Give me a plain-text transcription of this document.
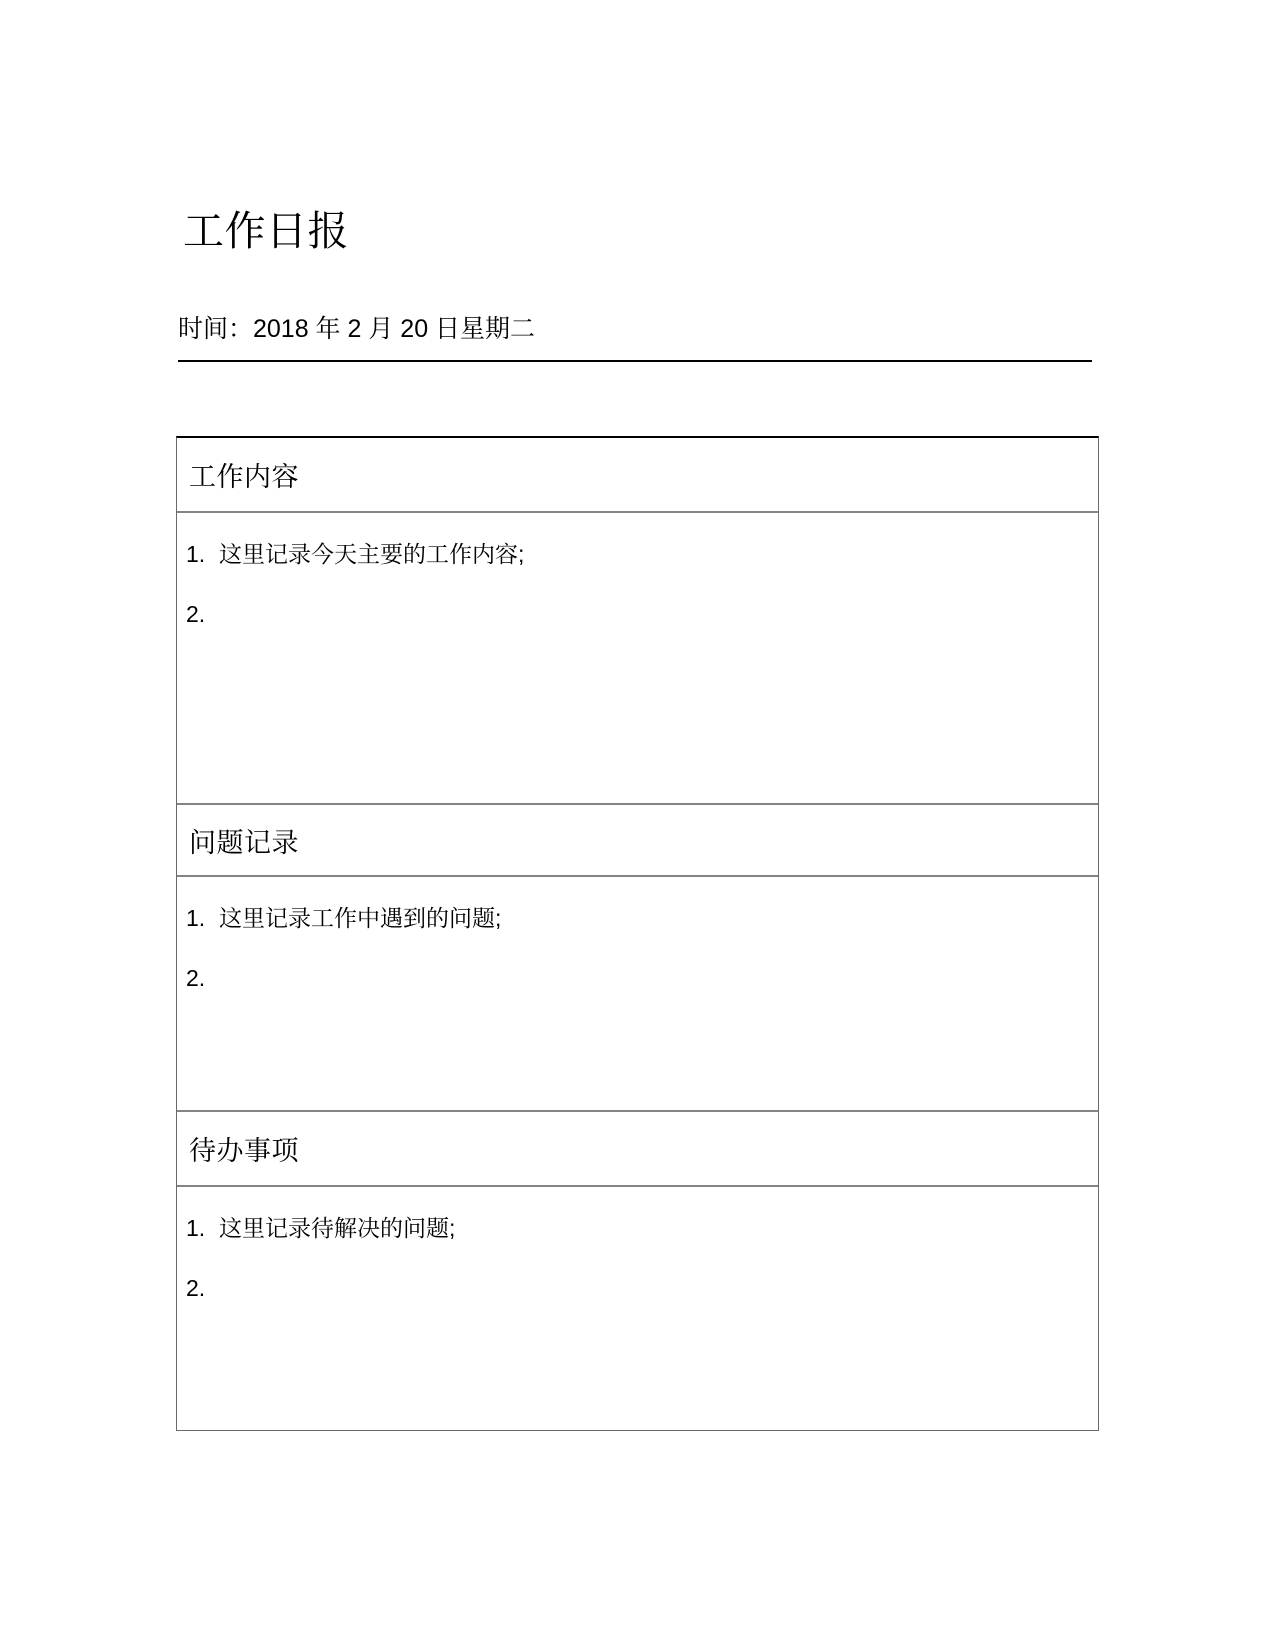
工作日报
时间：2018 年 2 月 20 日星期二
工作内容
1. 这里记录今天主要的工作内容;
2.
问题记录
1. 这里记录工作中遇到的问题;
2.
待办事项
1. 这里记录待解决的问题;
2.
